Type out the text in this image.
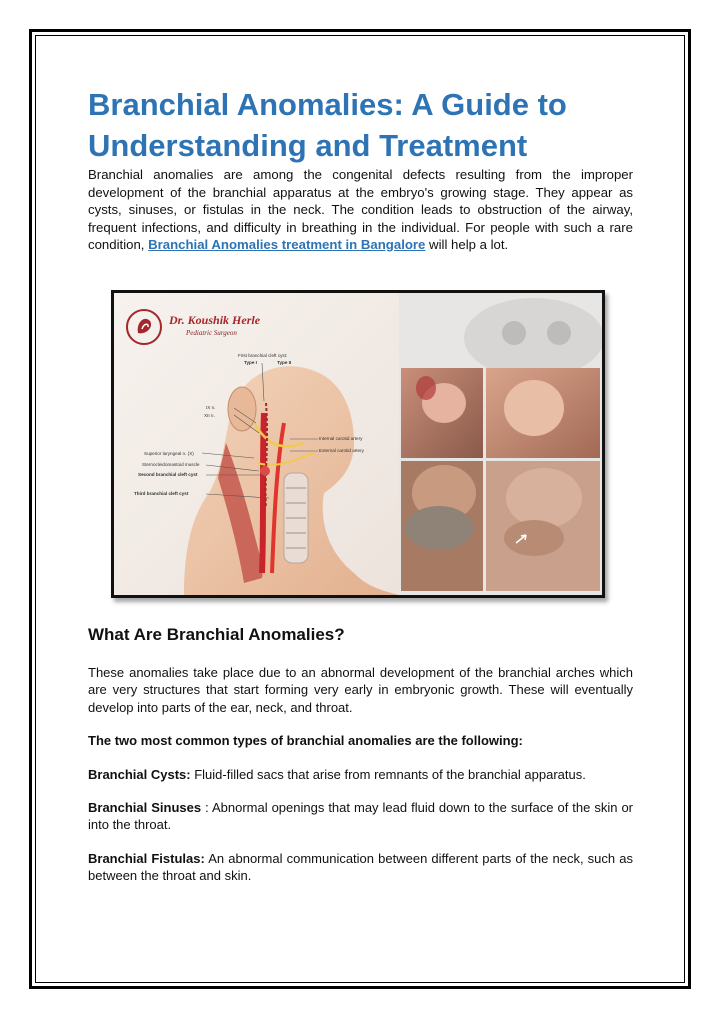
Branchial Anomalies: A Guide to Understanding and Treatment

Branchial anomalies are among the congenital defects resulting from the improper development of the branchial apparatus at the embryo's growing stage. They appear as cysts, sinuses, or fistulas in the neck. The condition leads to obstruction of the airway, frequent infections, and difficulty in breathing in the individual. For people with such a rare condition, Branchial Anomalies treatment in Bangalore will help a lot.

Dr. Koushik Herle
Pediatric Surgeon
First branchial cleft cyst:
Type I	Type II
IX n.
XII n.
Internal carotid artery
External carotid artery
Superior laryngeal n. (X)
Sternocleidomastoid muscle
Second branchial cleft cyst
Third branchial cleft cyst
What Are Branchial Anomalies?

These anomalies take place due to an abnormal development of the branchial arches which are very structures that start forming very early in embryonic growth. These will eventually develop into parts of the ear, neck, and throat.

The two most common types of branchial anomalies are the following:

Branchial Cysts: Fluid-filled sacs that arise from remnants of the branchial apparatus.

Branchial Sinuses : Abnormal openings that may lead fluid down to the surface of the skin or into the throat.

Branchial Fistulas: An abnormal communication between different parts of the neck, such as between the throat and skin.
